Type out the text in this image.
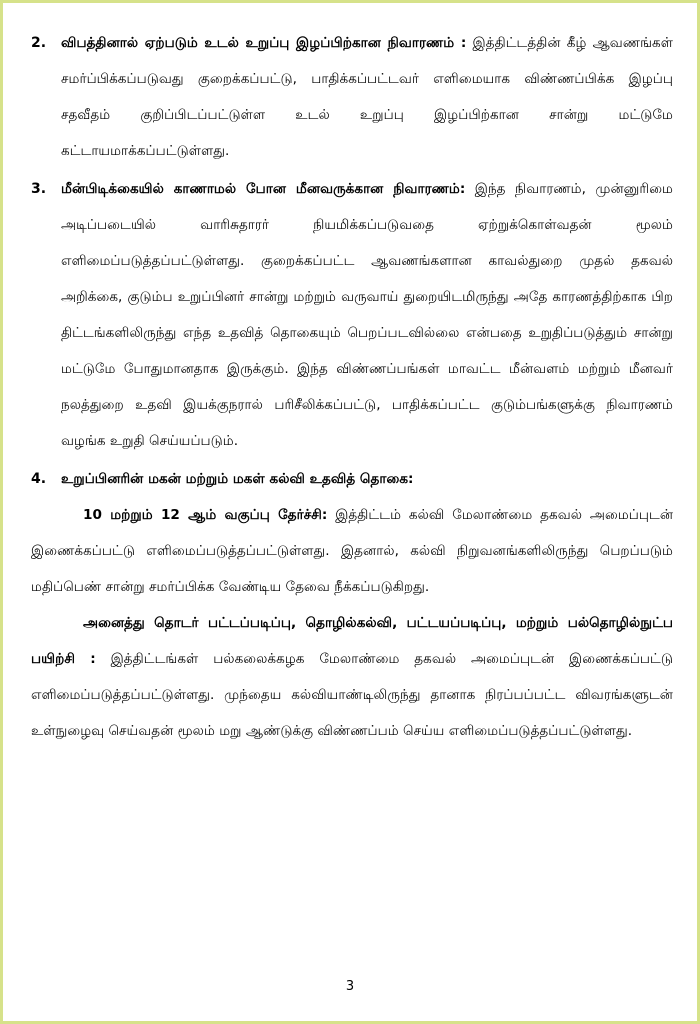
2. விபத்தினால் ஏற்படும் உடல் உறுப்பு இழப்பிற்கான நிவாரணம் : இத்திட்டத்தின் கீழ் ஆவணங்கள் சமர்ப்பிக்கப்படுவது குறைக்கப்பட்டு, பாதிக்கப்பட்டவர் எளிமையாக விண்ணப்பிக்க இழப்பு சதவீதம் குறிப்பிடப்பட்டுள்ள உடல் உறுப்பு இழப்பிற்கான சான்று மட்டுமே கட்டாயமாக்கப்பட்டுள்ளது.

3. மீன்பிடிக்கையில் காணாமல் போன மீனவருக்கான நிவாரணம்: இந்த நிவாரணம், முன்னுரிமை அடிப்படையில் வாரிசுதாரர் நியமிக்கப்படுவதை ஏற்றுக்கொள்வதன் மூலம் எளிமைப்படுத்தப்பட்டுள்ளது. குறைக்கப்பட்ட ஆவணங்களான காவல்துறை முதல் தகவல் அறிக்கை, குடும்ப உறுப்பினர் சான்று மற்றும் வருவாய் துறையிடமிருந்து அதே காரணத்திற்காக பிற திட்டங்களிலிருந்து எந்த உதவித் தொகையும் பெறப்படவில்லை என்பதை உறுதிப்படுத்தும் சான்று மட்டுமே போதுமானதாக இருக்கும். இந்த விண்ணப்பங்கள் மாவட்ட மீன்வளம் மற்றும் மீனவர் நலத்துறை உதவி இயக்குநரால் பரிசீலிக்கப்பட்டு, பாதிக்கப்பட்ட குடும்பங்களுக்கு நிவாரணம் வழங்க உறுதி செய்யப்படும்.

4. உறுப்பினரின் மகன் மற்றும் மகள் கல்வி உதவித் தொகை:

10 மற்றும் 12 ஆம் வகுப்பு தேர்ச்சி: இத்திட்டம் கல்வி மேலாண்மை தகவல் அமைப்புடன் இணைக்கப்பட்டு எளிமைப்படுத்தப்பட்டுள்ளது. இதனால், கல்வி நிறுவனங்களிலிருந்து பெறப்படும் மதிப்பெண் சான்று சமர்ப்பிக்க வேண்டிய தேவை நீக்கப்படுகிறது.

அனைத்து தொடர் பட்டப்படிப்பு, தொழில்கல்வி, பட்டயப்படிப்பு, மற்றும் பல்தொழில்நுட்ப பயிற்சி : இத்திட்டங்கள் பல்கலைக்கழக மேலாண்மை தகவல் அமைப்புடன் இணைக்கப்பட்டு எளிமைப்படுத்தப்பட்டுள்ளது. முந்தைய கல்வியாண்டிலிருந்து தானாக நிரப்பப்பட்ட விவரங்களுடன் உள்நுழைவு செய்வதன் மூலம் மறு ஆண்டுக்கு விண்ணப்பம் செய்ய எளிமைப்படுத்தப்பட்டுள்ளது.

3
